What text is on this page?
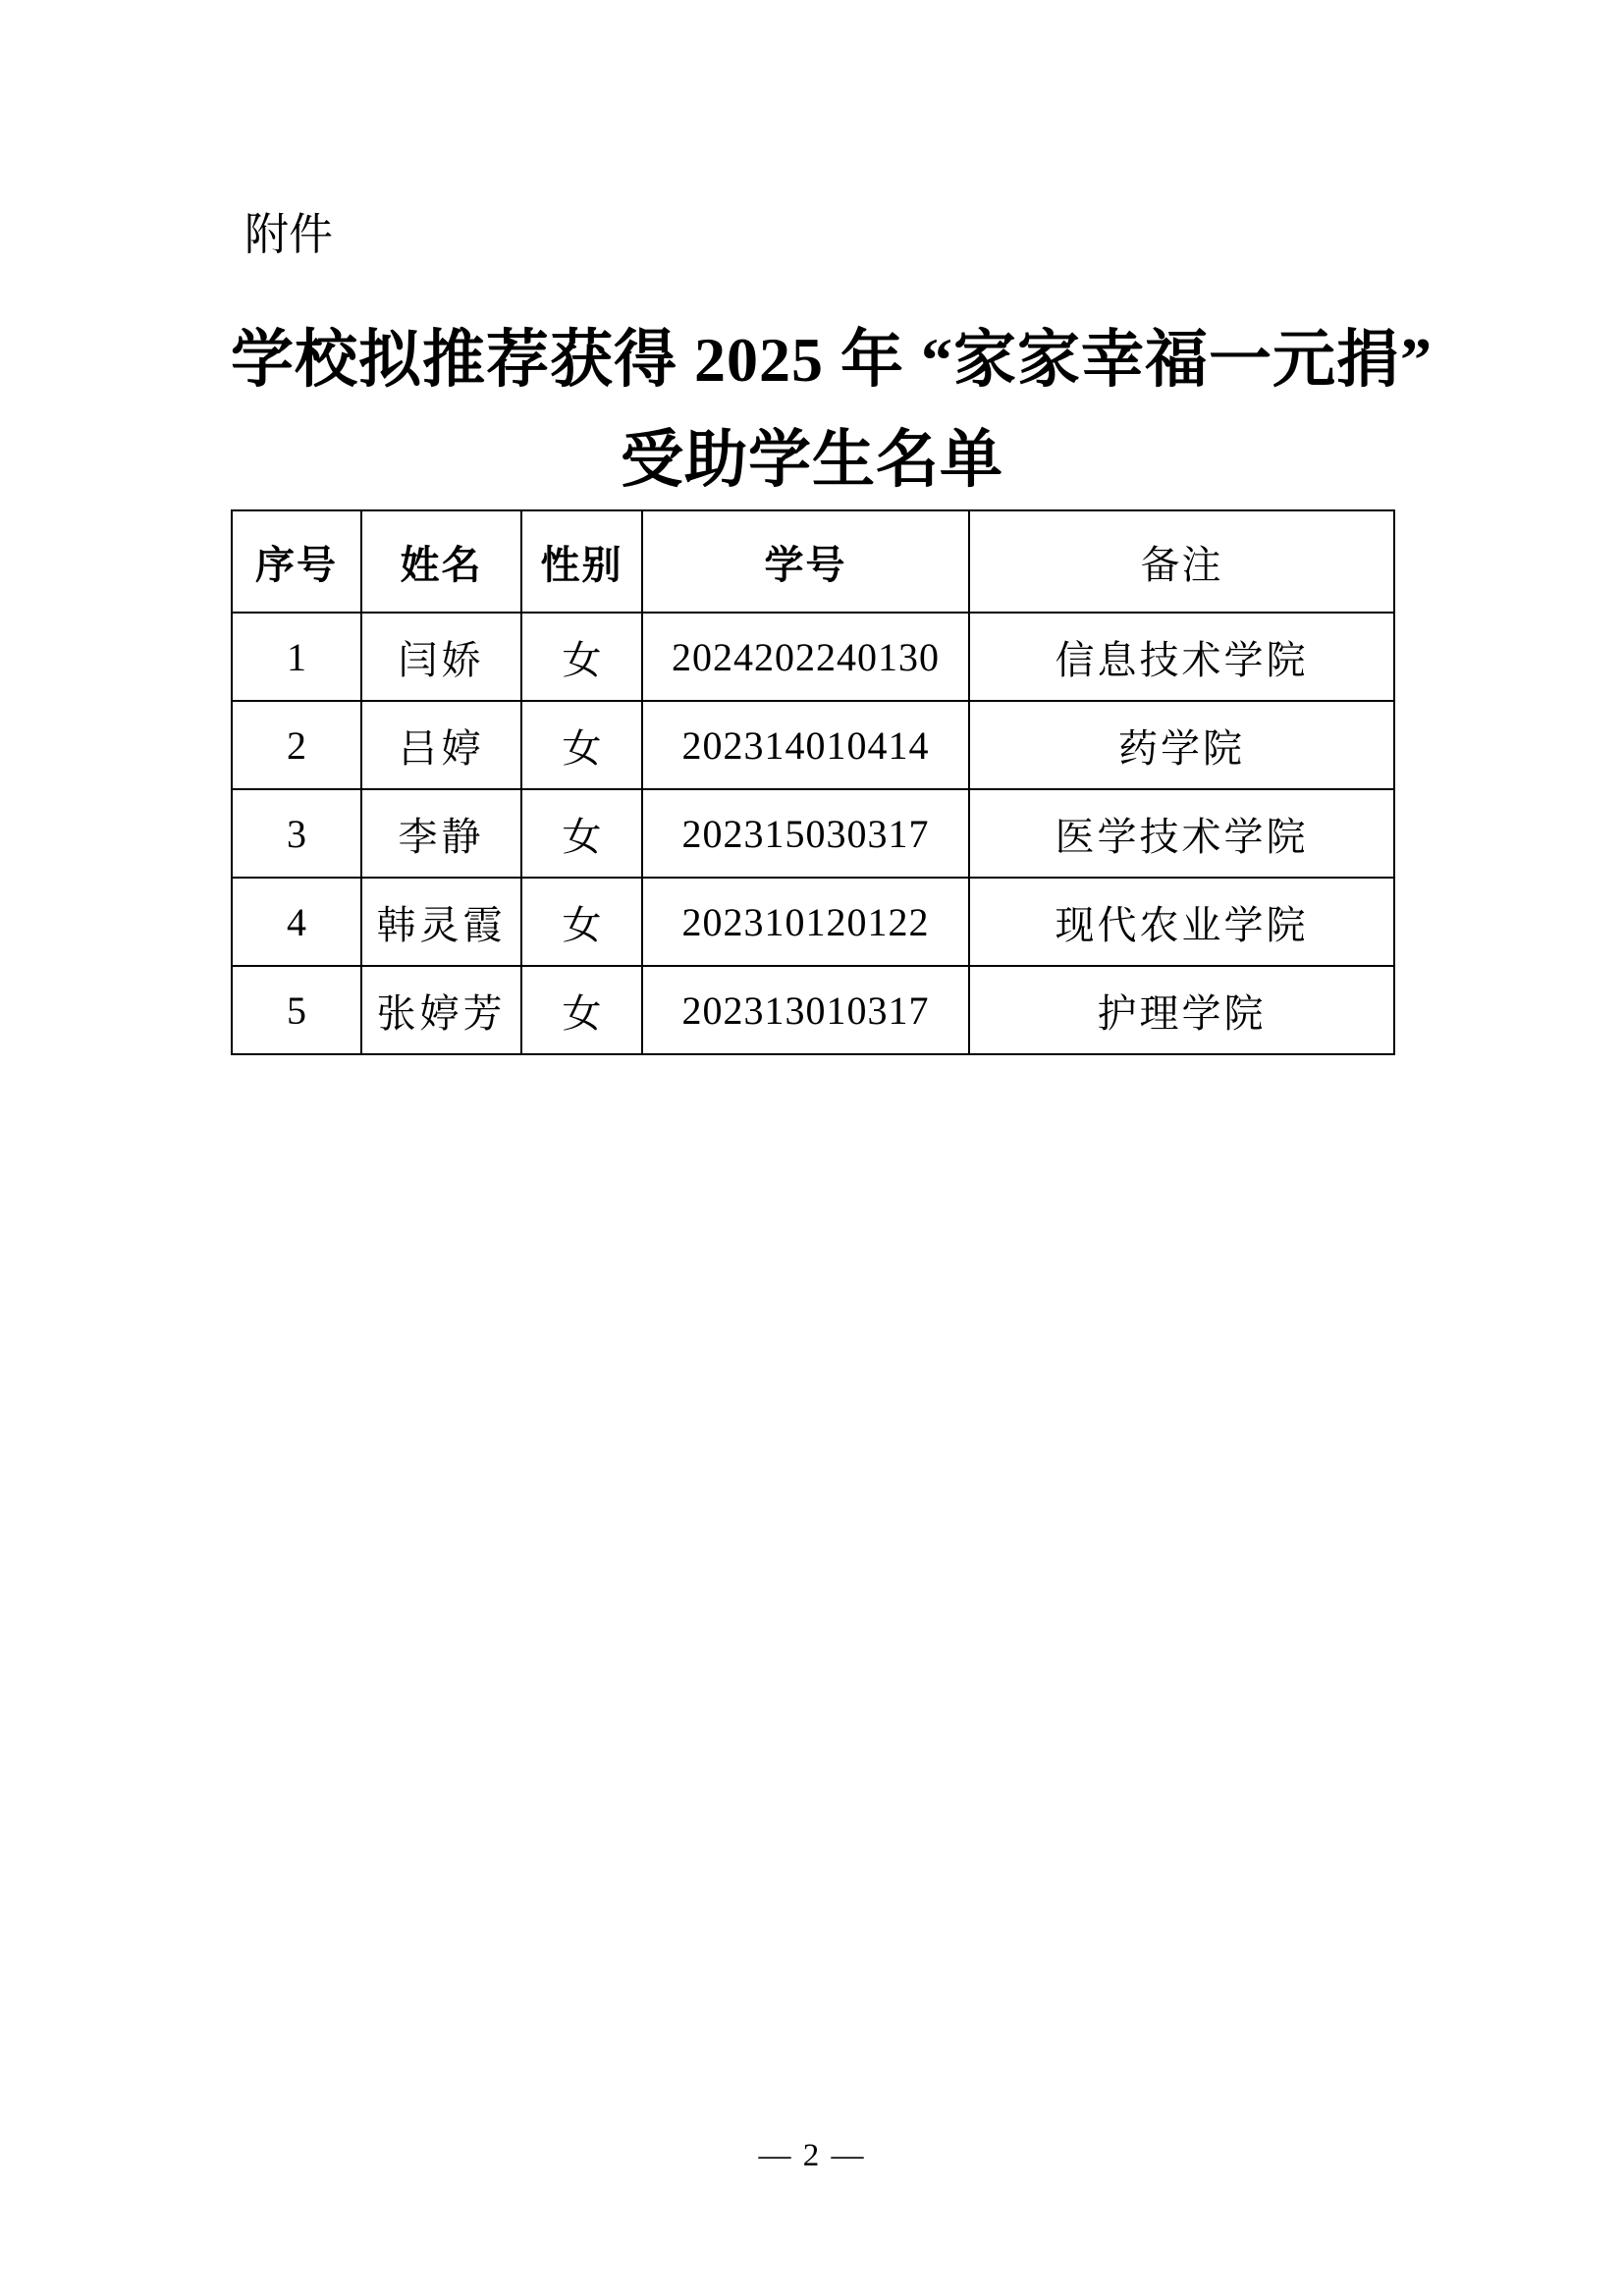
附件
学校拟推荐获得 2025 年 “家家幸福一元捐”
受助学生名单
序号	姓名	性别	学号	备注
1	闫娇	女	2024202240130	信息技术学院
2	吕婷	女	202314010414	药学院
3	李静	女	202315030317	医学技术学院
4	韩灵霞	女	202310120122	现代农业学院
5	张婷芳	女	202313010317	护理学院
— 2 —
